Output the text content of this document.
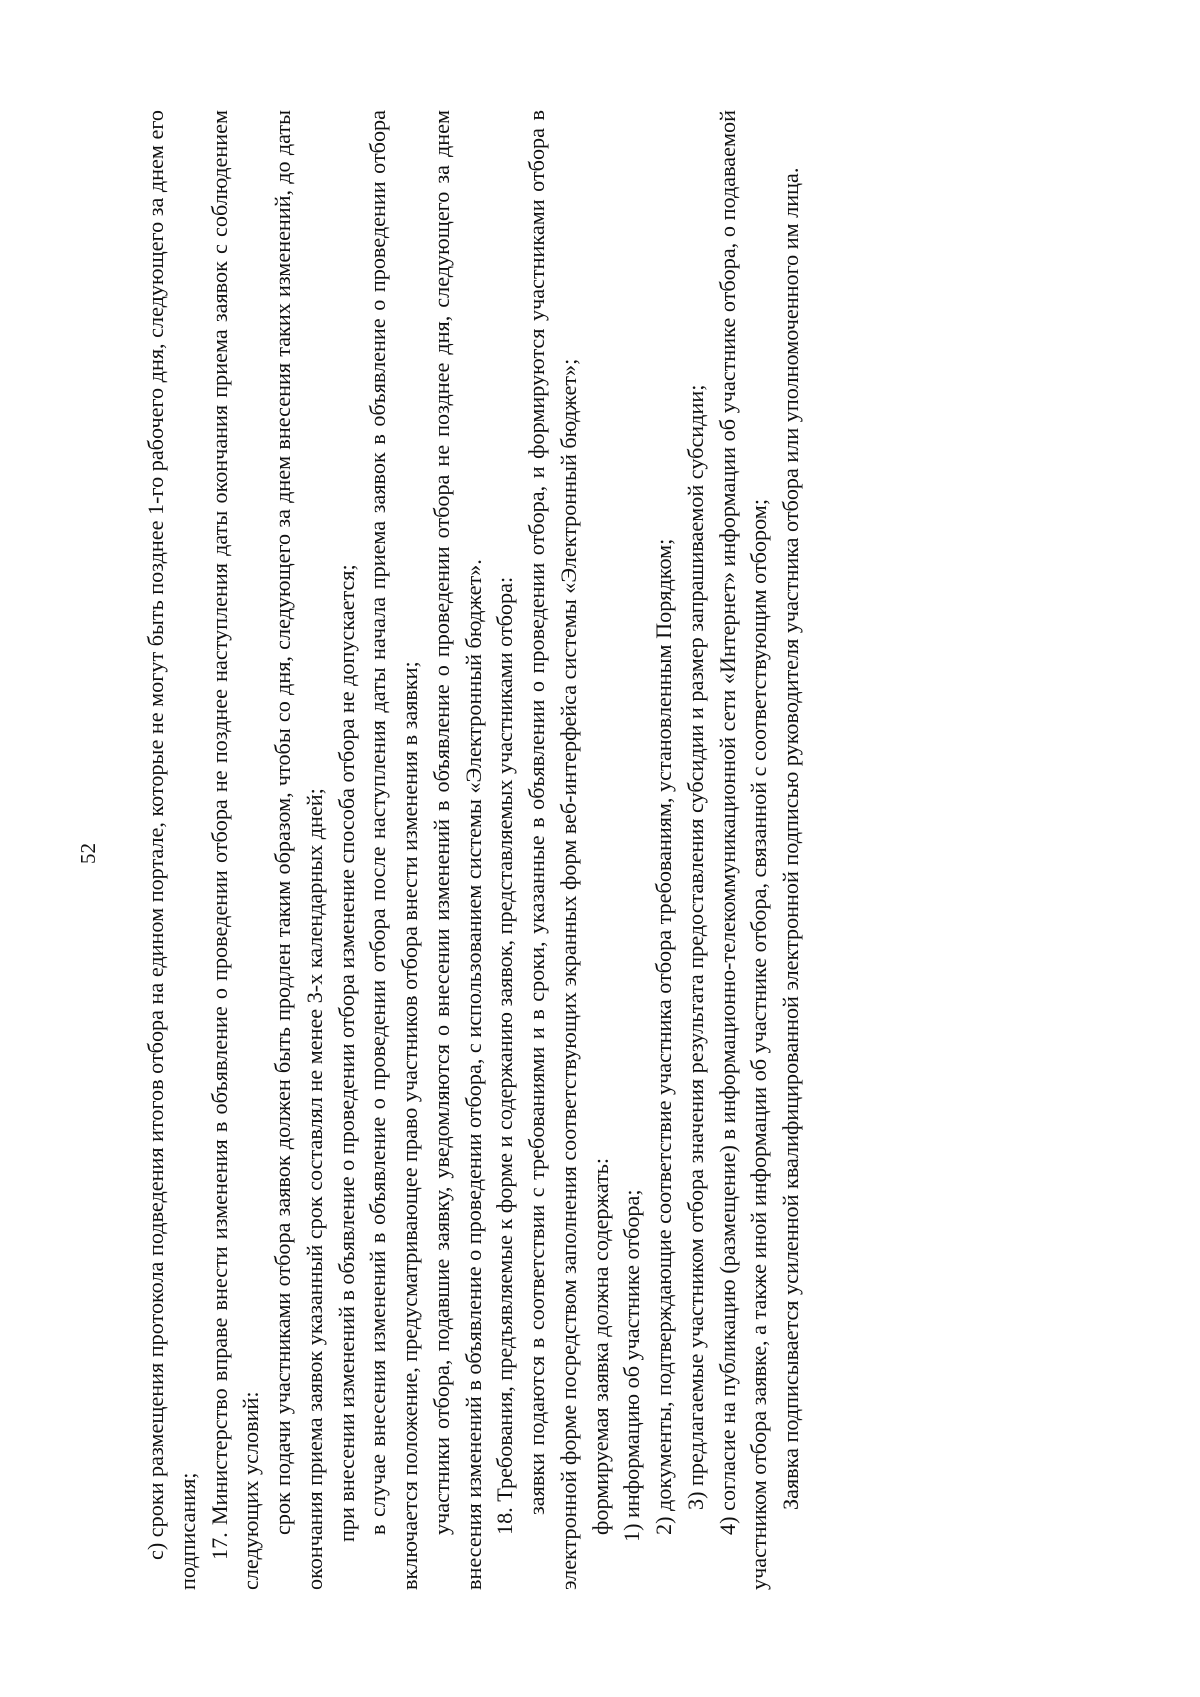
52 с) сроки размещения протокола подведения итогов отбора на едином портале, которые не могут быть позднее 1-го рабочего дня, следующего за днем его подписания; 17. Министерство вправе внести изменения в объявление о проведении отбора не позднее наступления даты окончания приема заявок с соблюдением следующих условий: срок подачи участниками отбора заявок должен быть продлен таким образом, чтобы со дня, следующего за днем внесения таких изменений, до даты окончания приема заявок указанный срок составлял не менее 3-х календарных дней; при внесении изменений в объявление о проведении отбора изменение способа отбора не допускается; в случае внесения изменений в объявление о проведении отбора после наступления даты начала приема заявок в объявление о проведении отбора включается положение, предусматривающее право участников отбора внести изменения в заявки; участники отбора, подавшие заявку, уведомляются о внесении изменений в объявление о проведении отбора не позднее дня, следующего за днем внесения изменений в объявление о проведении отбора, с использованием системы «Электронный бюджет». 18. Требования, предъявляемые к форме и содержанию заявок, представляемых участниками отбора: заявки подаются в соответствии с требованиями и в сроки, указанные в объявлении о проведении отбора, и формируются участниками отбора в электронной форме посредством заполнения соответствующих экранных форм веб-интерфейса системы «Электронный бюджет»; формируемая заявка должна содержать: 1) информацию об участнике отбора; 2) документы, подтверждающие соответствие участника отбора требованиям, установленным Порядком; 3) предлагаемые участником отбора значения результата предоставления субсидии и размер запрашиваемой субсидии; 4) согласие на публикацию (размещение) в информационно-телекоммуникационной сети «Интернет» информации об участнике отбора, о подаваемой участником отбора заявке, а также иной информации об участнике отбора, связанной с соответствующим отбором; Заявка подписывается усиленной квалифицированной электронной подписью руководителя участника отбора или уполномоченного им лица.
